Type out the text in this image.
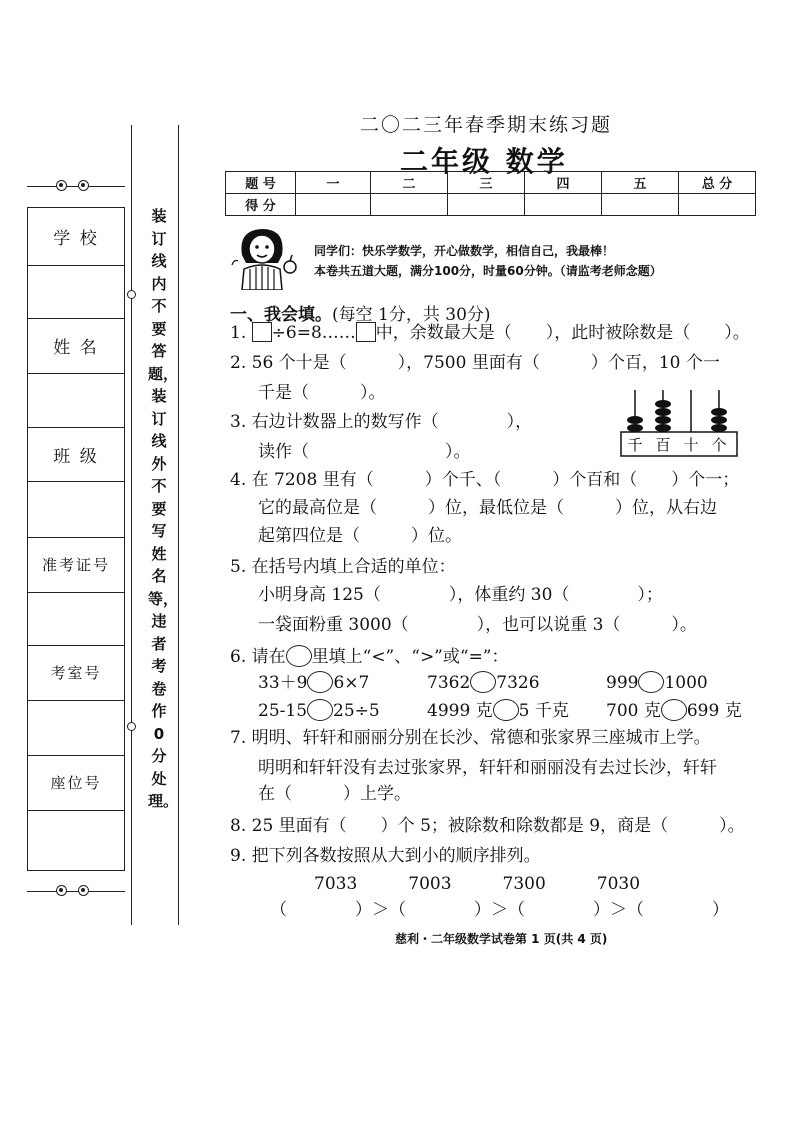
学 校
姓 名
班 级
准考证号
考室号
座位号
装订线内不要答题，装订线外不要写姓名等，违者考卷作0分处理。
二〇二三年春季期末练习题
二年级 数学
题 号	一	二	三	四	五	总 分
得 分						
同学们：快乐学数学，开心做数学，相信自己，我最棒！
本卷共五道大题，满分100分，时量60分钟。（请监考老师念题）
一、我会填。(每空 1分，共 30分)
1. ÷6=8…… 中，余数最大是（　　），此时被除数是（　　）。
2. 56 个十是（　　　），7500 里面有（　　　）个百，10 个一
千是（　　　）。
3. 右边计数器上的数写作（　　　　），
读作（　　　　　　　　）。	千 百 十 个
4. 在 7208 里有（　　　）个千、（　　　）个百和（　　）个一；
它的最高位是（　　　）位，最低位是（　　　）位，从右边
起第四位是（　　　）位。
5. 在括号内填上合适的单位：
小明身高 125（　　　　），体重约 30（　　　　）；
一袋面粉重 3000（　　　　），也可以说重 3（　　　）。
6. 请在 里填上“<”、“>”或“=”：
33＋9 6×7	7362 7326	999 1000
25-15 25÷5	4999 克 5 千克 700 克 699 克
7. 明明、轩轩和丽丽分别在长沙、常德和张家界三座城市上学。
明明和轩轩没有去过张家界，轩轩和丽丽没有去过长沙，轩轩
在（　　　）上学。
8. 25 里面有（　　）个 5；被除数和除数都是 9，商是（　　　）。
9. 把下列各数按照从大到小的顺序排列。
7033　　　7003　　　7300　　　7030
（　　　　）＞（　　　　）＞（　　　　）＞（　　　　）
慈利・二年级数学试卷第 1 页(共 4 页)
